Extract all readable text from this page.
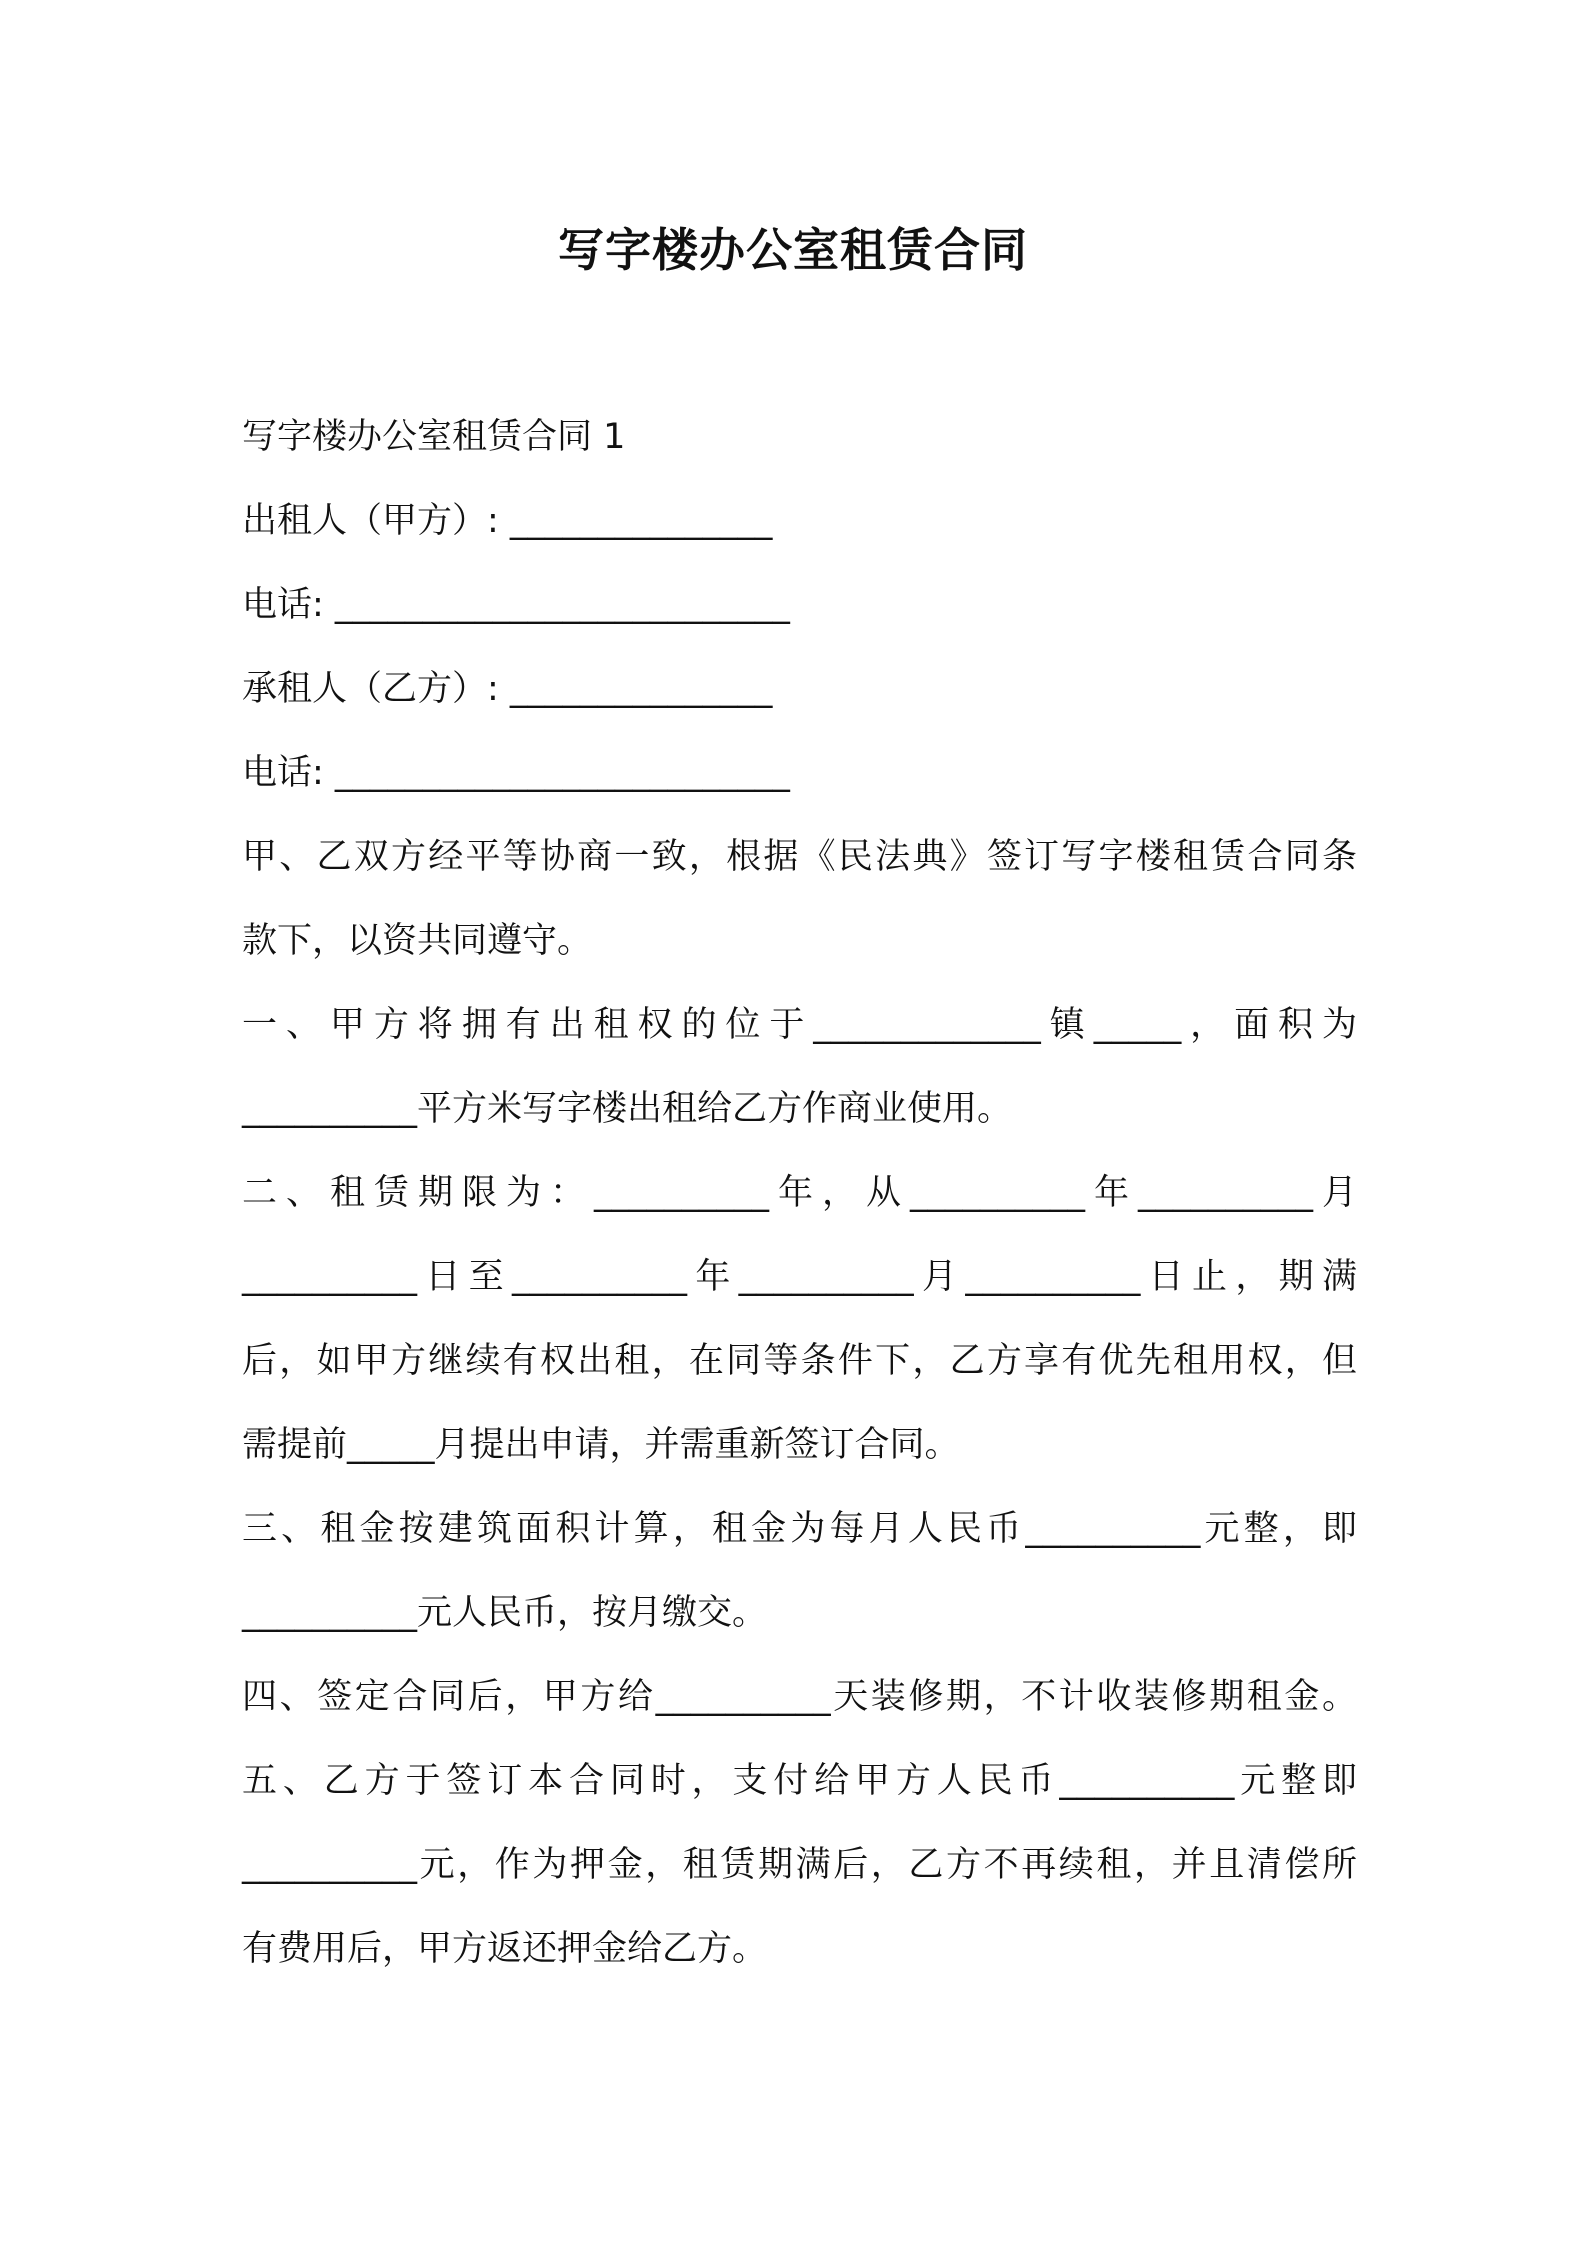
写字楼办公室租赁合同
写字楼办公室租赁合同 1
出租人（甲方）: _______________
电话: __________________________
承租人（乙方）: _______________
电话: __________________________
甲、乙双方经平等协商一致，根据《民法典》签订写字楼租赁合同条
款下，以资共同遵守。
一、甲方将拥有出租权的位于_____________镇_____，面积为
__________平方米写字楼出租给乙方作商业使用。
二、租赁期限为：__________年，从__________年__________月
__________日至__________年__________月__________日止，期满
后，如甲方继续有权出租，在同等条件下，乙方享有优先租用权，但
需提前_____月提出申请，并需重新签订合同。
三、租金按建筑面积计算，租金为每月人民币__________元整，即
__________元人民币，按月缴交。
四、签定合同后，甲方给__________天装修期，不计收装修期租金。
五、乙方于签订本合同时，支付给甲方人民币__________元整即
__________元，作为押金，租赁期满后，乙方不再续租，并且清偿所
有费用后，甲方返还押金给乙方。
